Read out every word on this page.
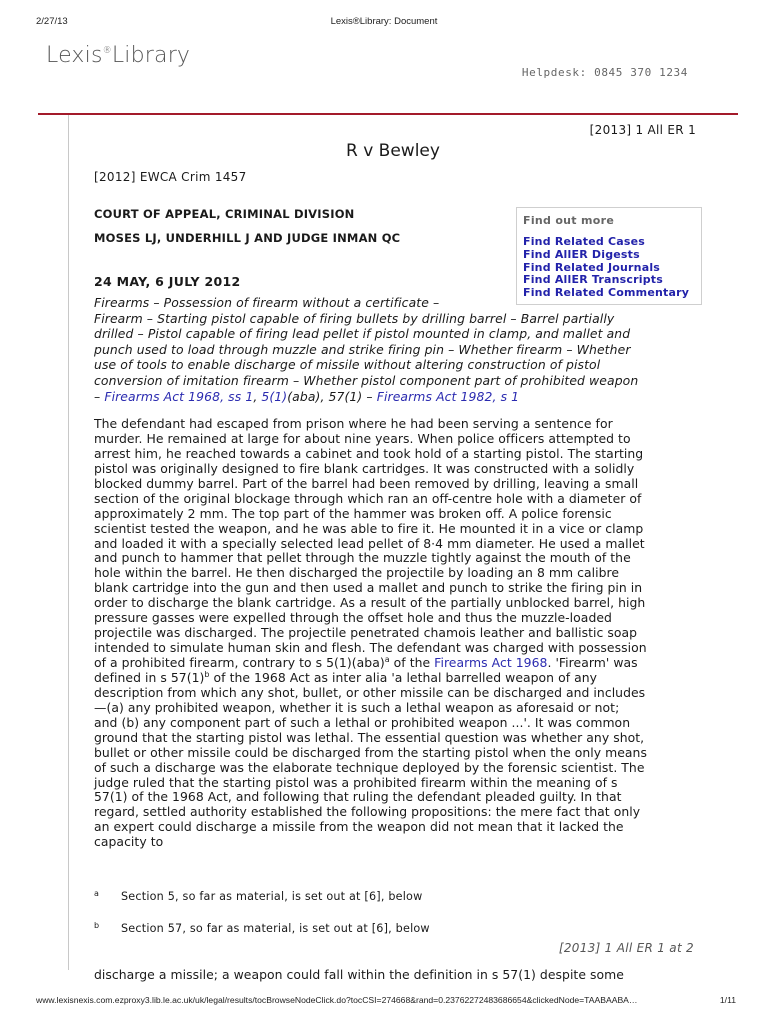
2/27/13	Lexis®Library: Document
Lexis®Library
Helpdesk: 0845 370 1234
[2013] 1 All ER 1
R v Bewley
[2012] EWCA Crim 1457
COURT OF APPEAL, CRIMINAL DIVISION
MOSES LJ, UNDERHILL J AND JUDGE INMAN QC
24 MAY, 6 JULY 2012
Find out more
Find Related Cases
Find AllER Digests
Find Related Journals
Find AllER Transcripts
Find Related Commentary
Firearms – Possession of firearm without a certificate –
Firearm – Starting pistol capable of firing bullets by drilling barrel – Barrel partially
drilled – Pistol capable of firing lead pellet if pistol mounted in clamp, and mallet and
punch used to load through muzzle and strike firing pin – Whether firearm – Whether
use of tools to enable discharge of missile without altering construction of pistol
conversion of imitation firearm – Whether pistol component part of prohibited weapon
– Firearms Act 1968, ss 1, 5(1)(aba), 57(1) – Firearms Act 1982, s 1
The defendant had escaped from prison where he had been serving a sentence for
murder. He remained at large for about nine years. When police officers attempted to
arrest him, he reached towards a cabinet and took hold of a starting pistol. The starting
pistol was originally designed to fire blank cartridges. It was constructed with a solidly
blocked dummy barrel. Part of the barrel had been removed by drilling, leaving a small
section of the original blockage through which ran an off-centre hole with a diameter of
approximately 2 mm. The top part of the hammer was broken off. A police forensic
scientist tested the weapon, and he was able to fire it. He mounted it in a vice or clamp
and loaded it with a specially selected lead pellet of 8·4 mm diameter. He used a mallet
and punch to hammer that pellet through the muzzle tightly against the mouth of the
hole within the barrel. He then discharged the projectile by loading an 8 mm calibre
blank cartridge into the gun and then used a mallet and punch to strike the firing pin in
order to discharge the blank cartridge. As a result of the partially unblocked barrel, high
pressure gasses were expelled through the offset hole and thus the muzzle-loaded
projectile was discharged. The projectile penetrated chamois leather and ballistic soap
intended to simulate human skin and flesh. The defendant was charged with possession
of a prohibited firearm, contrary to s 5(1)(aba)$^a$ of the Firearms Act 1968. 'Firearm' was
defined in s $57(1)^b$ of the 1968 Act as inter alia 'a lethal barrelled weapon of any
description from which any shot, bullet, or other missile can be discharged and includes
—(a) any prohibited weapon, whether it is such a lethal weapon as aforesaid or not;
and (b) any component part of such a lethal or prohibited weapon ...'. It was common
ground that the starting pistol was lethal. The essential question was whether any shot,
bullet or other missile could be discharged from the starting pistol when the only means
of such a discharge was the elaborate technique deployed by the forensic scientist. The
judge ruled that the starting pistol was a prohibited firearm within the meaning of s
57(1) of the 1968 Act, and following that ruling the defendant pleaded guilty. In that
regard, settled authority established the following propositions: the mere fact that only
an expert could discharge a missile from the weapon did not mean that it lacked the
capacity to
a Section 5, so far as material, is set out at [6], below
b Section 57, so far as material, is set out at [6], below
[2013] 1 All ER 1 at 2
discharge a missile; a weapon could fall within the definition in s 57(1) despite some
www.lexisnexis.com.ezproxy3.lib.le.ac.uk/uk/legal/results/tocBrowseNodeClick.do?tocCSI=274668&rand=0.23762272483686654&clickedNode=TAABAABA…	1/11
